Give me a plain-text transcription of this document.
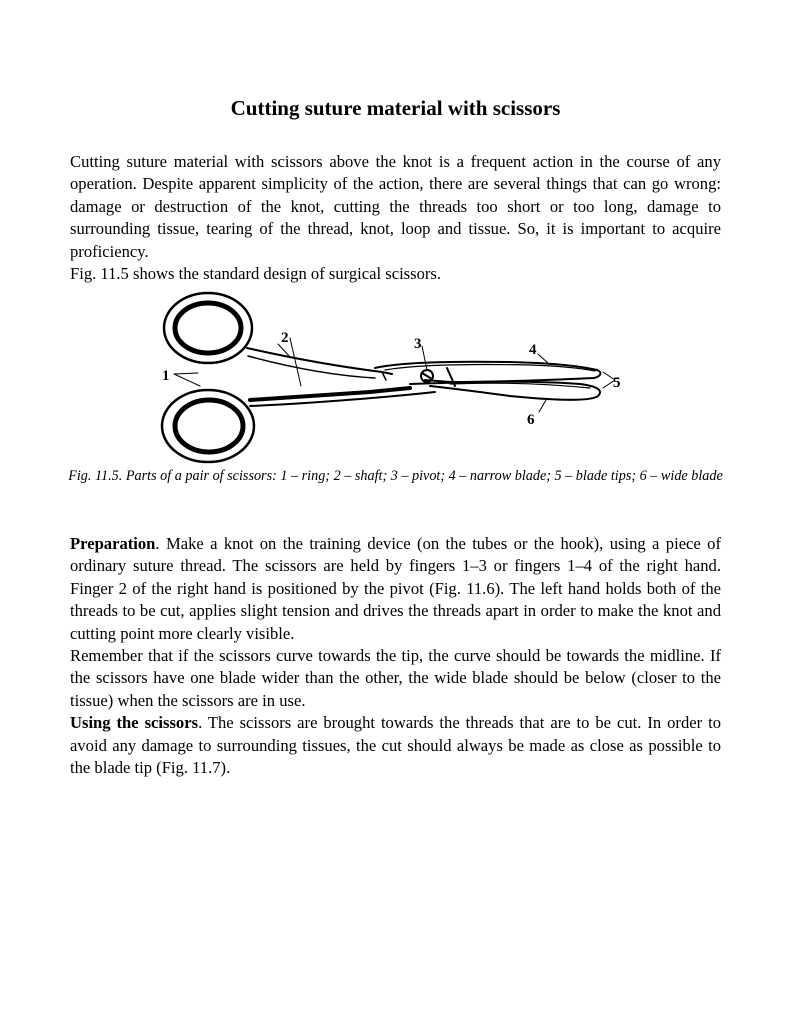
Cutting suture material with scissors

Cutting suture material with scissors above the knot is a frequent action in the course of any operation. Despite apparent simplicity of the action, there are several things that can go wrong: damage or destruction of the knot, cutting the threads too short or too long, damage to surrounding tissue, tearing of the thread, knot, loop and tissue. So, it is important to acquire proficiency.

Fig. 11.5 shows the standard design of surgical scissors.

1
2	3	4
5
6
Fig. 11.5. Parts of a pair of scissors: 1 – ring; 2 – shaft; 3 – pivot; 4 – narrow blade; 5 – blade tips; 6 – wide blade

Preparation. Make a knot on the training device (on the tubes or the hook), using a piece of ordinary suture thread. The scissors are held by fingers 1–3 or fingers 1–4 of the right hand. Finger 2 of the right hand is positioned by the pivot (Fig. 11.6). The left hand holds both of the threads to be cut, applies slight tension and drives the threads apart in order to make the knot and cutting point more clearly visible.

Remember that if the scissors curve towards the tip, the curve should be towards the midline. If the scissors have one blade wider than the other, the wide blade should be below (closer to the tissue) when the scissors are in use.

Using the scissors. The scissors are brought towards the threads that are to be cut. In order to avoid any damage to surrounding tissues, the cut should always be made as close as possible to the blade tip (Fig. 11.7).
